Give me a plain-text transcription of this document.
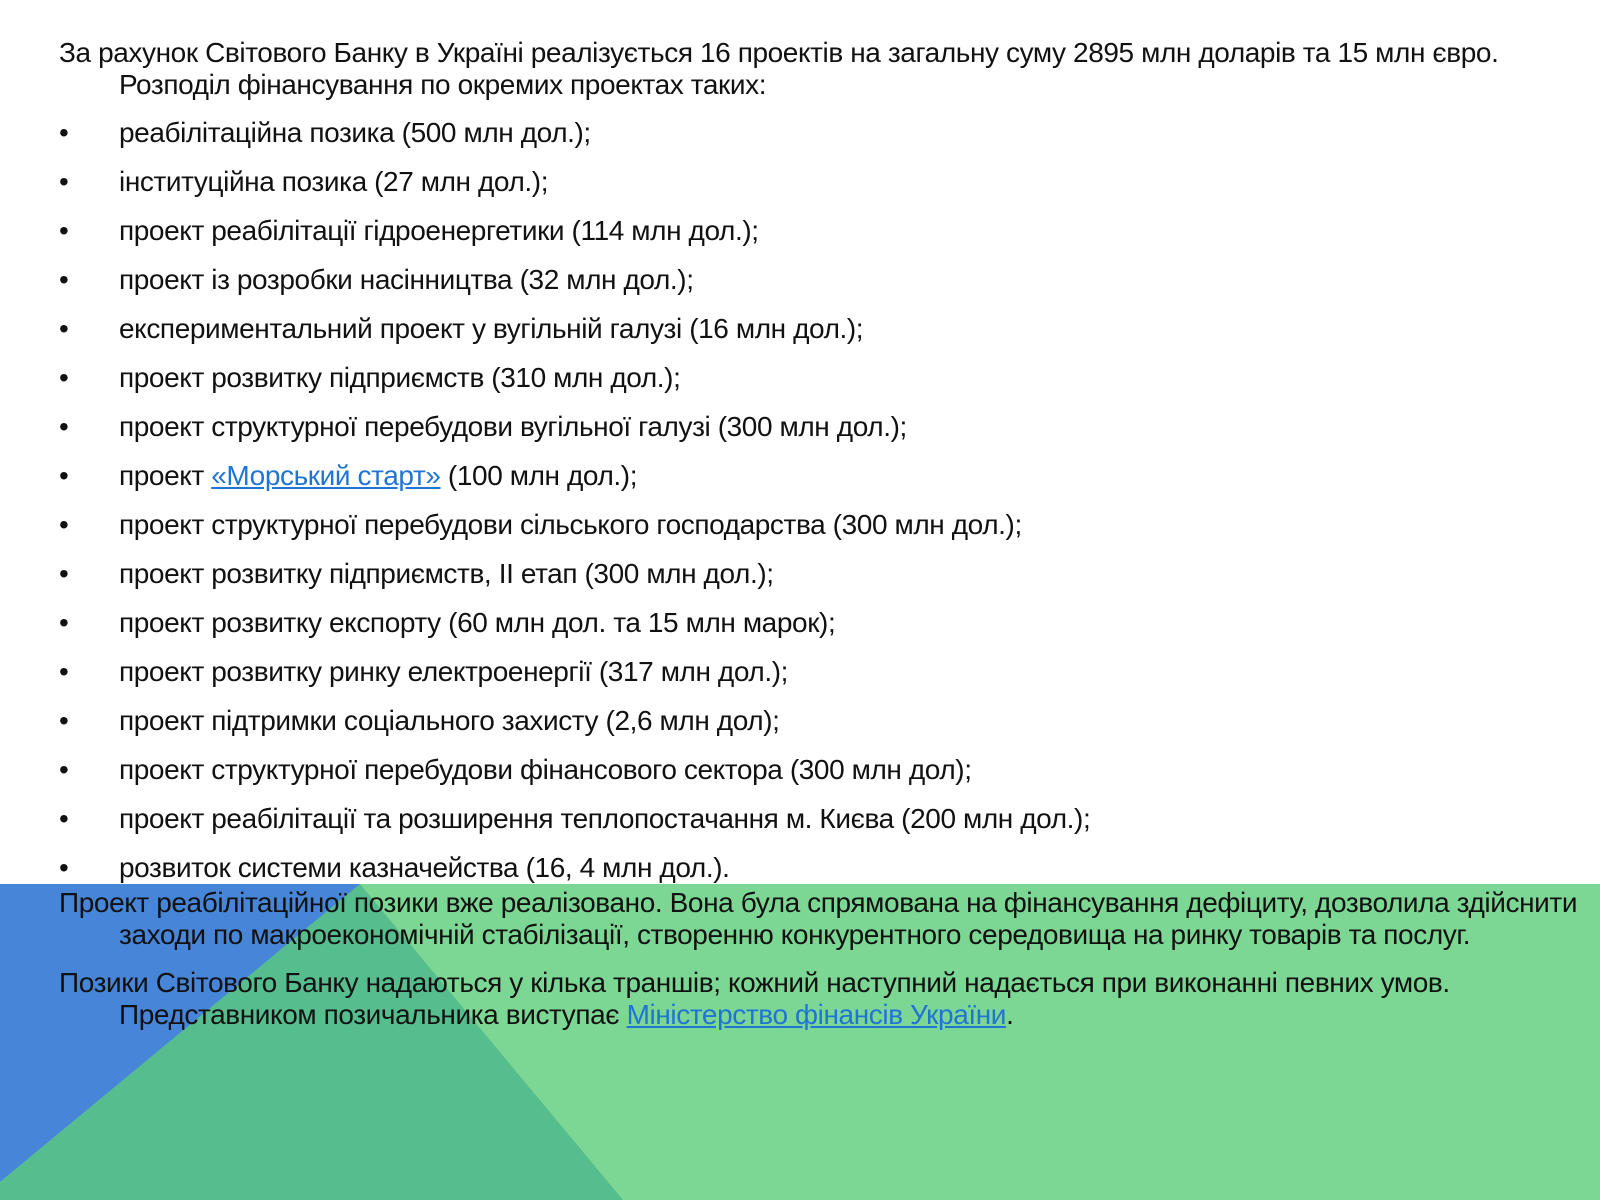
За рахунок Світового Банку в Україні реалізується 16 проектів на загальну суму 2895 млн доларів та 15 млн євро. Розподіл фінансування по окремих проектах таких:

• реабілітаційна позика (500 млн дол.);
• інституційна позика (27 млн дол.);
• проект реабілітації гідроенергетики (114 млн дол.);
• проект із розробки насінництва (32 млн дол.);
• експериментальний проект у вугільній галузі (16 млн дол.);
• проект розвитку підприємств (310 млн дол.);
• проект структурної перебудови вугільної галузі (300 млн дол.);
• проект «Морський старт» (100 млн дол.);
• проект структурної перебудови сільського господарства (300 млн дол.);
• проект розвитку підприємств, II етап (300 млн дол.);
• проект розвитку експорту (60 млн дол. та 15 млн марок);
• проект розвитку ринку електроенергії (317 млн дол.);
• проект підтримки соціального захисту (2,6 млн дол);
• проект структурної перебудови фінансового сектора (300 млн дол);
• проект реабілітації та розширення теплопостачання м. Києва (200 млн дол.);
• розвиток системи казначейства (16, 4 млн дол.).

Проект реабілітаційної позики вже реалізовано. Вона була спрямована на фінансування дефіциту, дозволила здійснити заходи по макроекономічній стабілізації, створенню конкурентного середовища на ринку товарів та послуг.

Позики Світового Банку надаються у кілька траншів; кожний наступний надається при виконанні певних умов. Представником позичальника виступає Міністерство фінансів України.
